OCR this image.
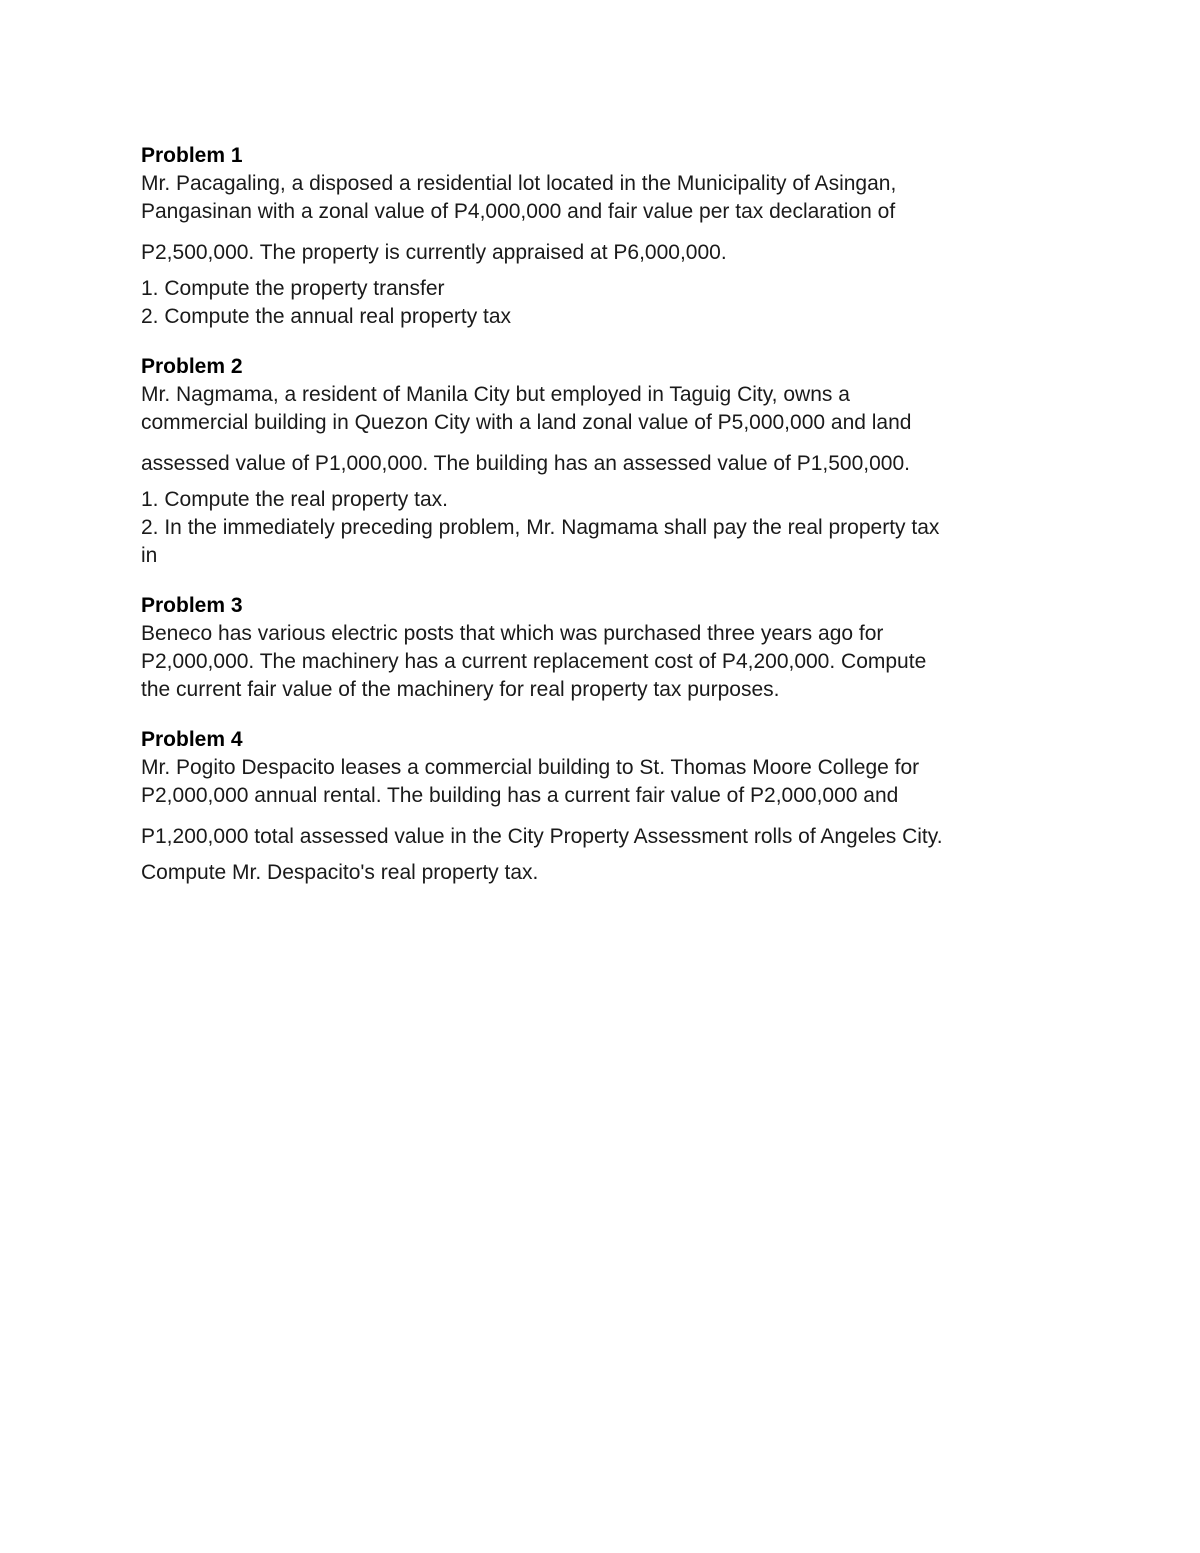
Problem 1
Mr. Pacagaling, a disposed a residential lot located in the Municipality of Asingan,
Pangasinan with a zonal value of P4,000,000 and fair value per tax declaration of
P2,500,000. The property is currently appraised at P6,000,000.
1. Compute the property transfer
2. Compute the annual real property tax
Problem 2
Mr. Nagmama, a resident of Manila City but employed in Taguig City, owns a
commercial building in Quezon City with a land zonal value of P5,000,000 and land
assessed value of P1,000,000. The building has an assessed value of P1,500,000.
1. Compute the real property tax.
2. In the immediately preceding problem, Mr. Nagmama shall pay the real property tax
in
Problem 3
Beneco has various electric posts that which was purchased three years ago for
P2,000,000. The machinery has a current replacement cost of P4,200,000. Compute
the current fair value of the machinery for real property tax purposes.
Problem 4
Mr. Pogito Despacito leases a commercial building to St. Thomas Moore College for
P2,000,000 annual rental. The building has a current fair value of P2,000,000 and
P1,200,000 total assessed value in the City Property Assessment rolls of Angeles City.
Compute Mr. Despacito's real property tax.
